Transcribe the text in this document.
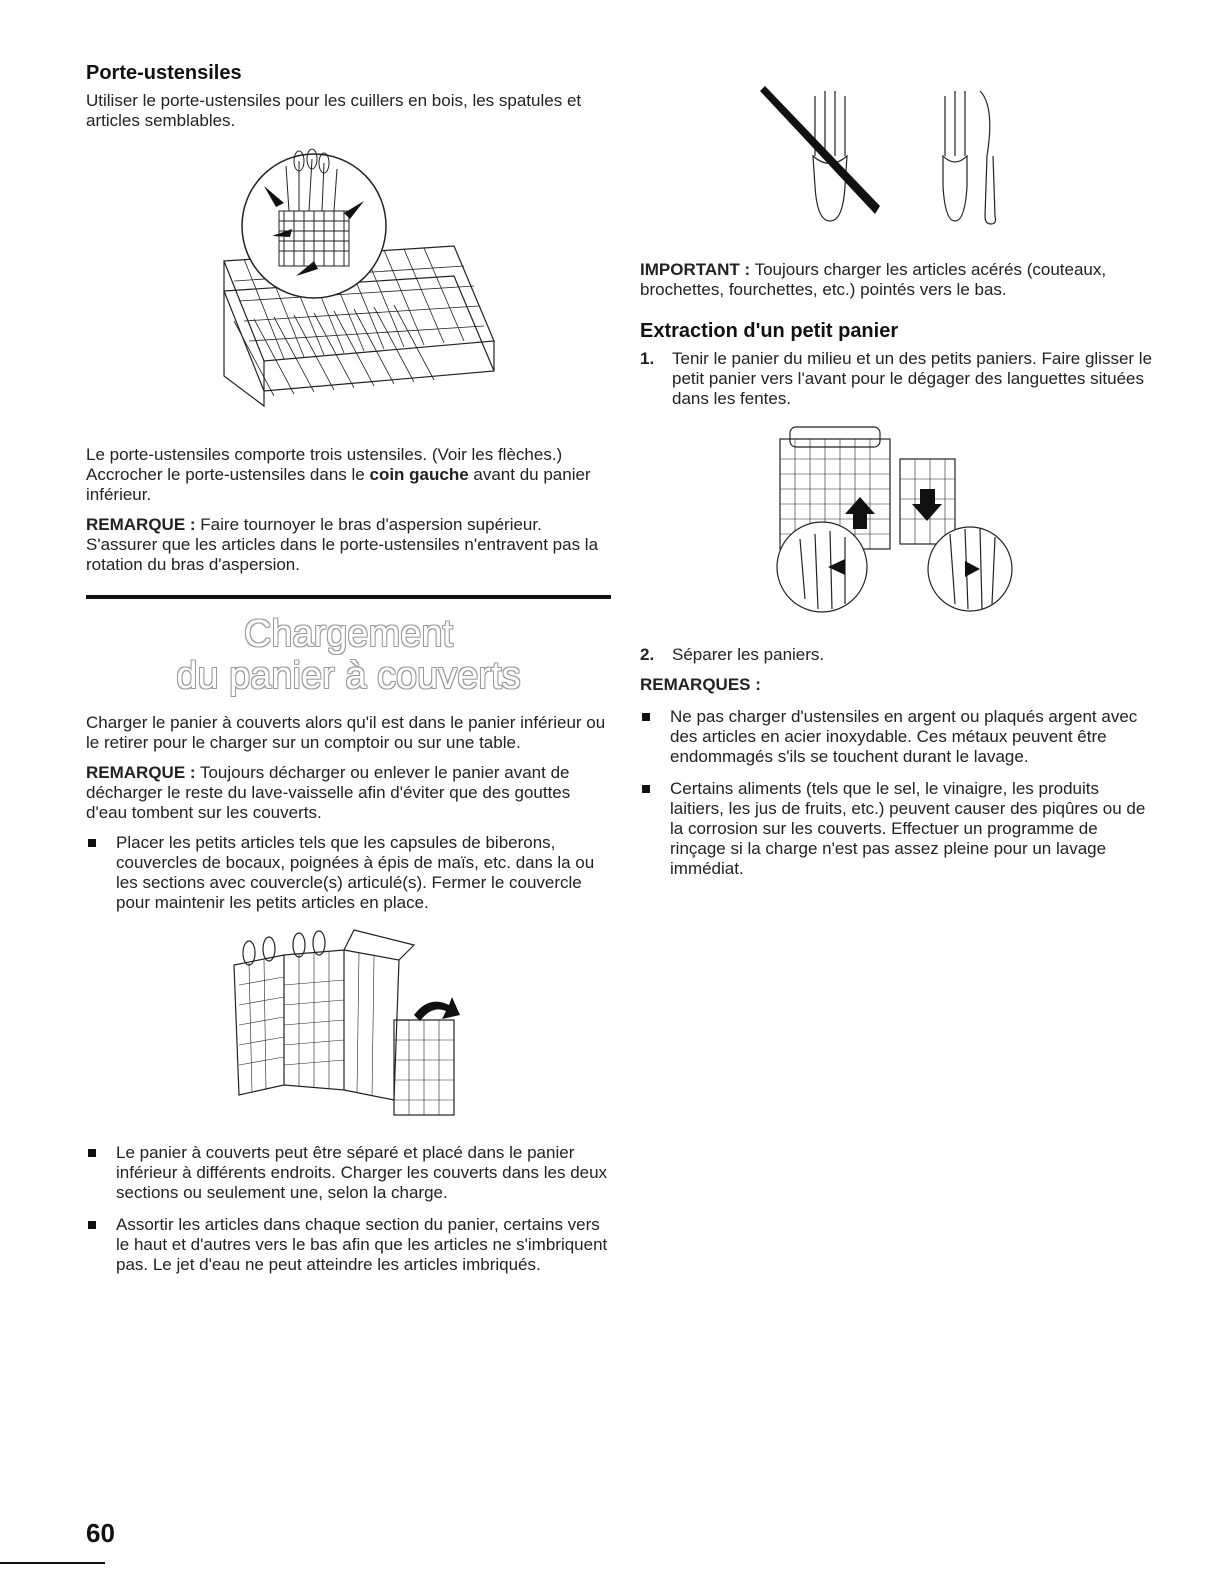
Porte-ustensiles

Utiliser le porte-ustensiles pour les cuillers en bois, les spatules et articles semblables.

Le porte-ustensiles comporte trois ustensiles. (Voir les flèches.) Accrocher le porte-ustensiles dans le coin gauche avant du panier inférieur.

REMARQUE : Faire tournoyer le bras d'aspersion supérieur. S'assurer que les articles dans le porte-ustensiles n'entravent pas la rotation du bras d'aspersion.

Chargement
du panier à couverts

Charger le panier à couverts alors qu'il est dans le panier inférieur ou le retirer pour le charger sur un comptoir ou sur une table.

REMARQUE : Toujours décharger ou enlever le panier avant de décharger le reste du lave-vaisselle afin d'éviter que des gouttes d'eau tombent sur les couverts.

Placer les petits articles tels que les capsules de biberons, couvercles de bocaux, poignées à épis de maïs, etc. dans la ou les sections avec couvercle(s) articulé(s). Fermer le couvercle pour maintenir les petits articles en place.
Le panier à couverts peut être séparé et placé dans le panier inférieur à différents endroits. Charger les couverts dans les deux sections ou seulement une, selon la charge.
Assortir les articles dans chaque section du panier, certains vers le haut et d'autres vers le bas afin que les articles ne s'imbriquent pas. Le jet d'eau ne peut atteindre les articles imbriqués.

IMPORTANT : Toujours charger les articles acérés (couteaux, brochettes, fourchettes, etc.) pointés vers le bas.

Extraction d'un petit panier
1. Tenir le panier du milieu et un des petits paniers. Faire glisser le petit panier vers l'avant pour le dégager des languettes situées dans les fentes.
2. Séparer les paniers.

REMARQUES :

Ne pas charger d'ustensiles en argent ou plaqués argent avec des articles en acier inoxydable. Ces métaux peuvent être endommagés s'ils se touchent durant le lavage.
Certains aliments (tels que le sel, le vinaigre, les produits laitiers, les jus de fruits, etc.) peuvent causer des piqûres ou de la corrosion sur les couverts. Effectuer un programme de rinçage si la charge n'est pas assez pleine pour un lavage immédiat.
60
